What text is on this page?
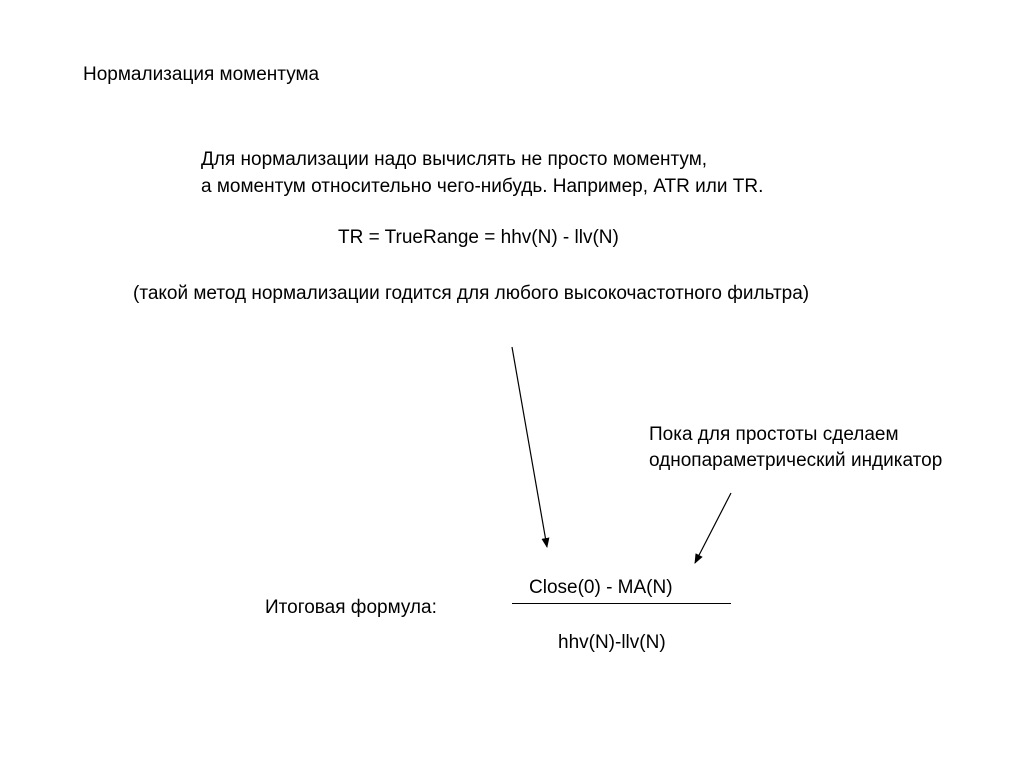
Нормализация моментума

Для нормализации надо вычислять не просто моментум,

а моментум относительно чего-нибудь. Например, ATR или TR.

TR = TrueRange = hhv(N) - llv(N)

(такой метод нормализации годится для любого высокочастотного фильтра)

Пока для простоты сделаем

однопараметрический индикатор

Итоговая формула:

Close(0) - MA(N)

hhv(N)-llv(N)
